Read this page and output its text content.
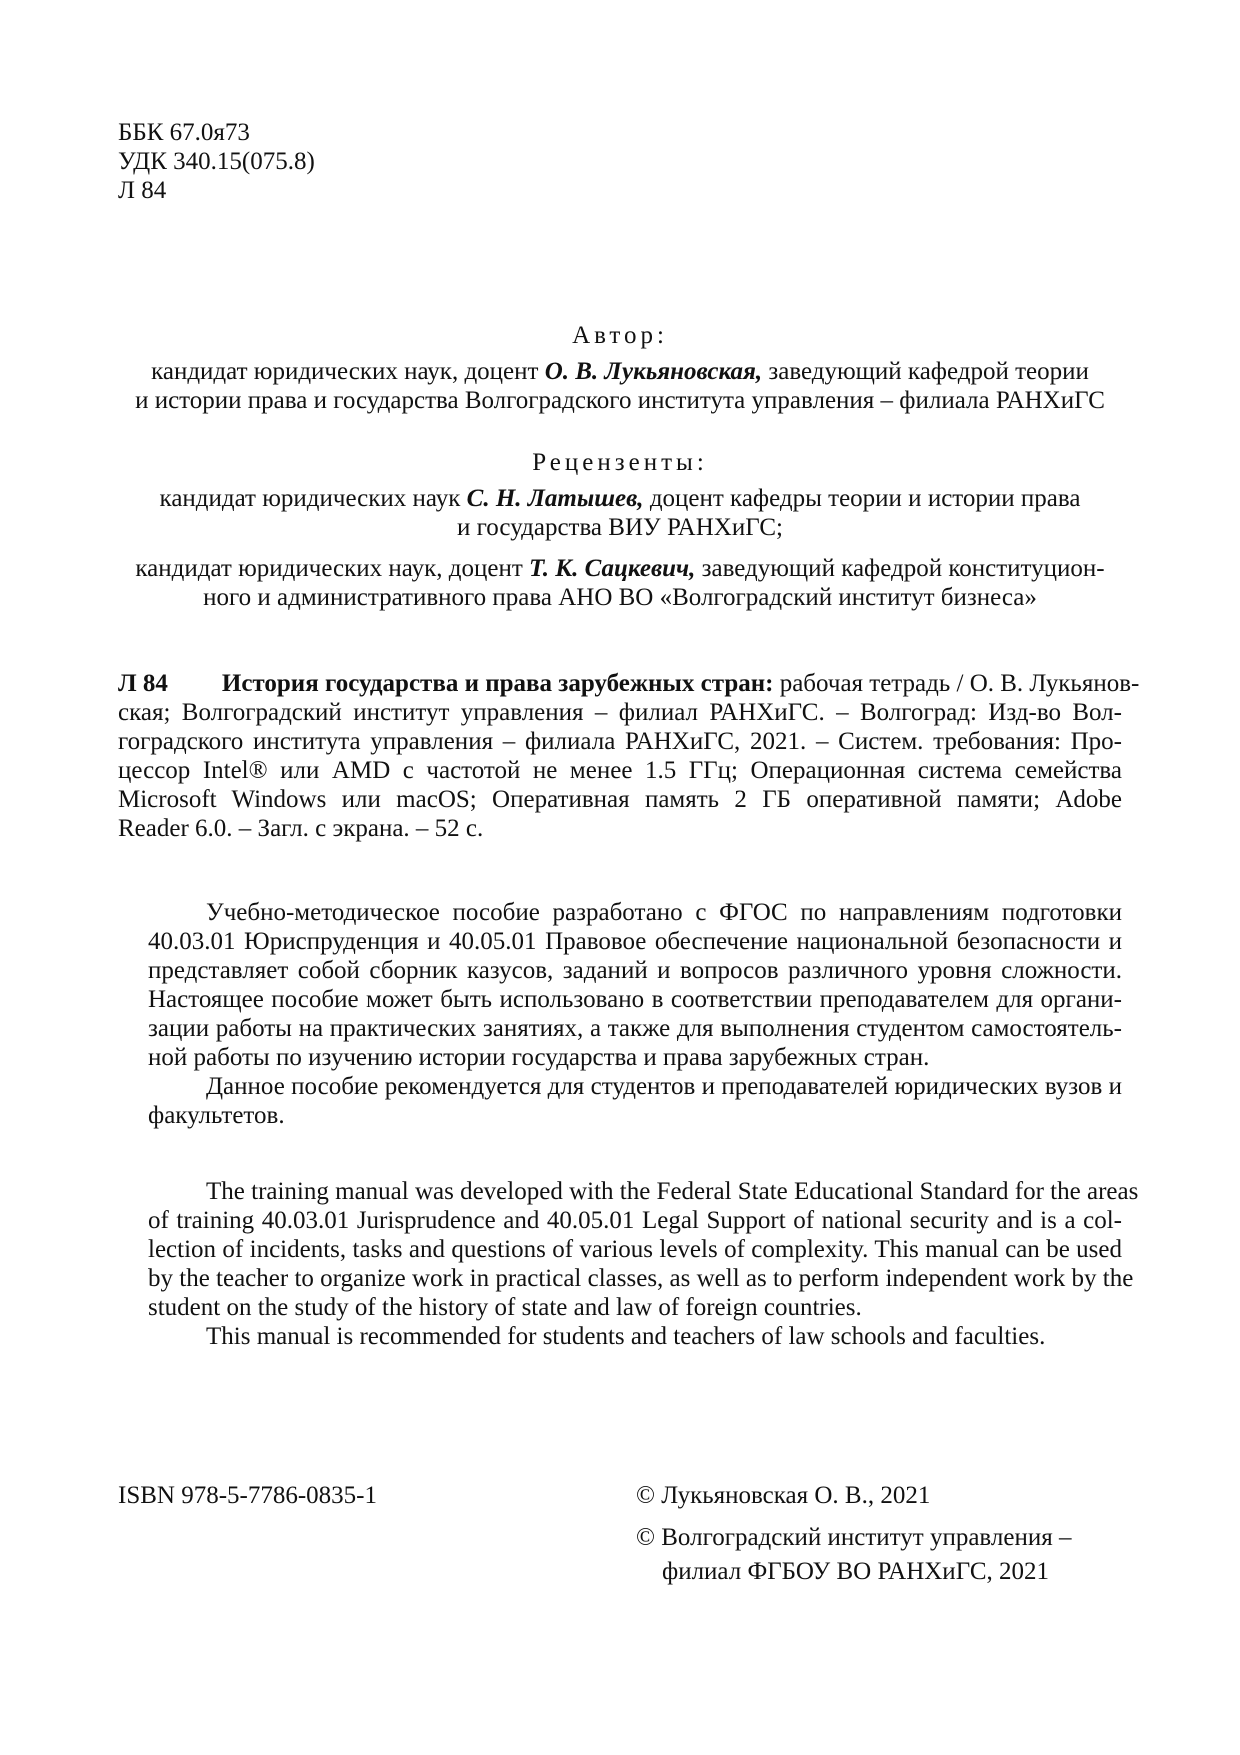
ББК 67.0я73
УДК 340.15(075.8)
Л 84
Автор:
кандидат юридических наук, доцент О. В. Лукьяновская, заведующий кафедрой теории
и истории права и государства Волгоградского института управления – филиала РАНХиГС
Рецензенты:
кандидат юридических наук С. Н. Латышев, доцент кафедры теории и истории права
и государства ВИУ РАНХиГС;
кандидат юридических наук, доцент Т. К. Сацкевич, заведующий кафедрой конституцион-
ного и административного права АНО ВО «Волгоградский институт бизнеса»
Л 84 История государства и права зарубежных стран: рабочая тетрадь / О. В. Лукьянов-
ская; Волгоградский институт управления – филиал РАНХиГС. – Волгоград: Изд-во Вол-
гоградского института управления – филиала РАНХиГС, 2021. – Систем. требования: Про-
цессор Intel® или AMD с частотой не менее 1.5 ГГц; Операционная система семейства
Microsoft Windows или macOS; Оперативная память 2 ГБ оперативной памяти; Adobe
Reader 6.0. – Загл. с экрана. – 52 с.
Учебно-методическое пособие разработано с ФГОС по направлениям подготовки
40.03.01 Юриспруденция и 40.05.01 Правовое обеспечение национальной безопасности и
представляет собой сборник казусов, заданий и вопросов различного уровня сложности.
Настоящее пособие может быть использовано в соответствии преподавателем для органи-
зации работы на практических занятиях, а также для выполнения студентом самостоятель-
ной работы по изучению истории государства и права зарубежных стран.
Данное пособие рекомендуется для студентов и преподавателей юридических вузов и
факультетов.
The training manual was developed with the Federal State Educational Standard for the areas
of training 40.03.01 Jurisprudence and 40.05.01 Legal Support of national security and is a col-
lection of incidents, tasks and questions of various levels of complexity. This manual can be used
by the teacher to organize work in practical classes, as well as to perform independent work by the
student on the study of the history of state and law of foreign countries.
This manual is recommended for students and teachers of law schools and faculties.
ISBN 978-5-7786-0835-1	© Лукьяновская О. В., 2021
© Волгоградский институт управления –
филиал ФГБОУ ВО РАНХиГС, 2021
